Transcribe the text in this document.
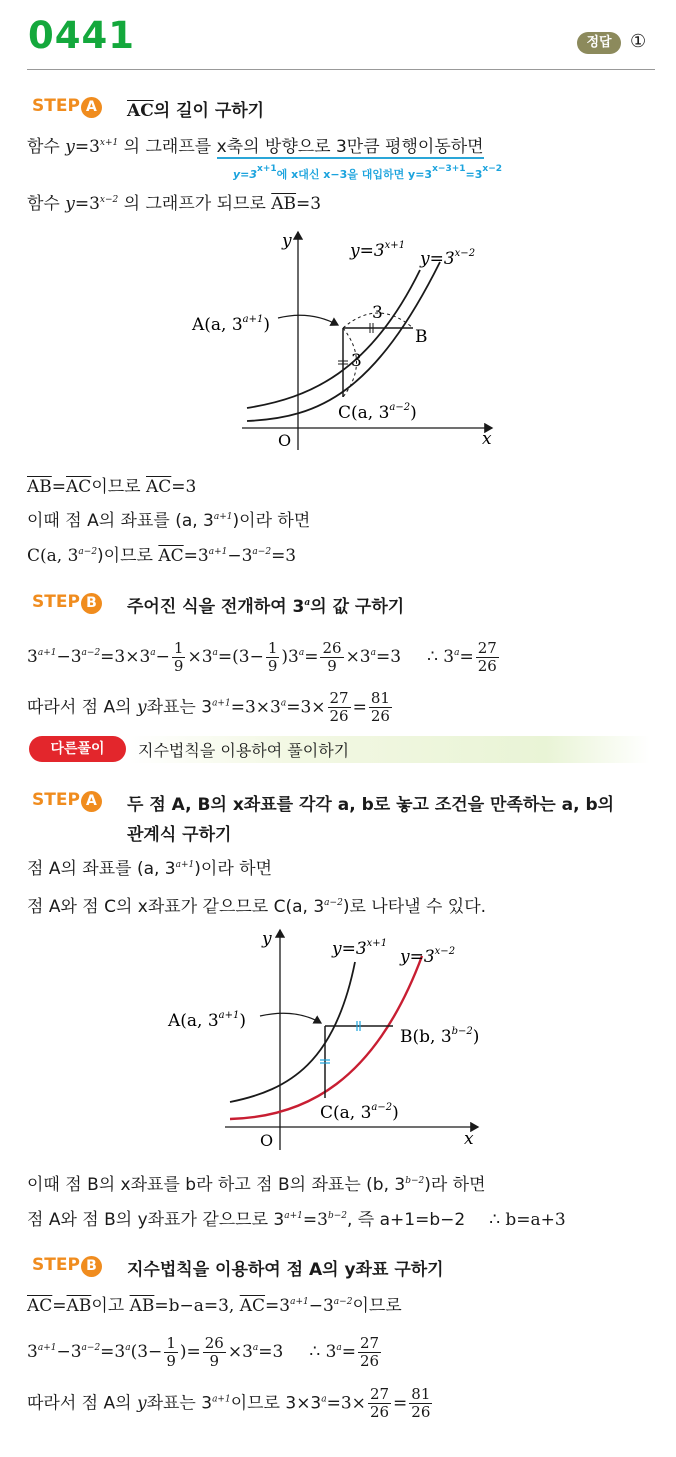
0441	정답	①
STEP A $\overline{AC}$의 길이 구하기
함수 $y=3^{x+1}$ 의 그래프를 x축의 방향으로 3만큼 평행이동하면
$y=3^{x+1}$에 x대신 x−3을 대입하면 $y=3^{x-3+1}=3^{x-2}$
함수 $y=3^{x-2}$ 의 그래프가 되므로 $\overline{AB}=3$
y
x
O
$y=3^{x+1}$
$y=3^{x-2}$
A(a, $3^{a+1}$)
B
C(a, $3^{a-2}$)
3
3
$\overline{AB}=\overline{AC}$이므로 $\overline{AC}=3$
이때 점 A의 좌표를 (a, $3^{a+1}$)이라 하면
C(a, $3^{a-2}$)이므로 $\overline{AC}=3^{a+1}-3^{a-2}=3$
STEP B	주어진 식을 전개하여 3$^a$의 값 구하기
$3^{a+1}-3^{a-2}=3\times 3^a- \frac{1}{9} \times 3^a=(3- \frac{1}{9} )3^a= \frac{26}{9} \times 3^a=3$ ∴ $3^a= \frac{27}{26}$
따라서 점 A의 y좌표는 $3^{a+1}=3\times 3^a=3\times \frac{27}{26} = \frac{81}{26}$
다른풀이	지수법칙을 이용하여 풀이하기
STEP A 두 점 A, B의 x좌표를 각각 a, b로 놓고 조건을 만족하는 a, b의
관계식 구하기
점 A의 좌표를 (a, $3^{a+1}$)이라 하면
점 A와 점 C의 x좌표가 같으므로 C(a, $3^{a-2}$)로 나타낼 수 있다.
y
x
O
$y=3^{x+1}$
$y=3^{x-2}$
A(a, $3^{a+1}$)
B(b, $3^{b-2}$)
C(a, $3^{a-2}$)
이때 점 B의 x좌표를 b라 하고 점 B의 좌표는 (b, $3^{b-2}$)라 하면
점 A와 점 B의 y좌표가 같으므로 $3^{a+1}=3^{b-2}$, 즉 a+1=b−2 ∴ b=a+3
STEP B	지수법칙을 이용하여 점 A의 y좌표 구하기
$\overline{AC}=\overline{AB}$이고 $\overline{AB}=b-a=3$, $\overline{AC}=3^{a+1}-3^{a-2}$이므로
$3^{a+1}-3^{a-2}=3^a(3- \frac{1}{9}$ )= $\frac{26}{9} \times 3^a=3$ ∴ $3^a= \frac{27}{26}$
따라서 점 A의 y좌표는 $3^{a+1}$이므로 $3\times 3^a=3\times \frac{27}{26} = \frac{81}{26}$
